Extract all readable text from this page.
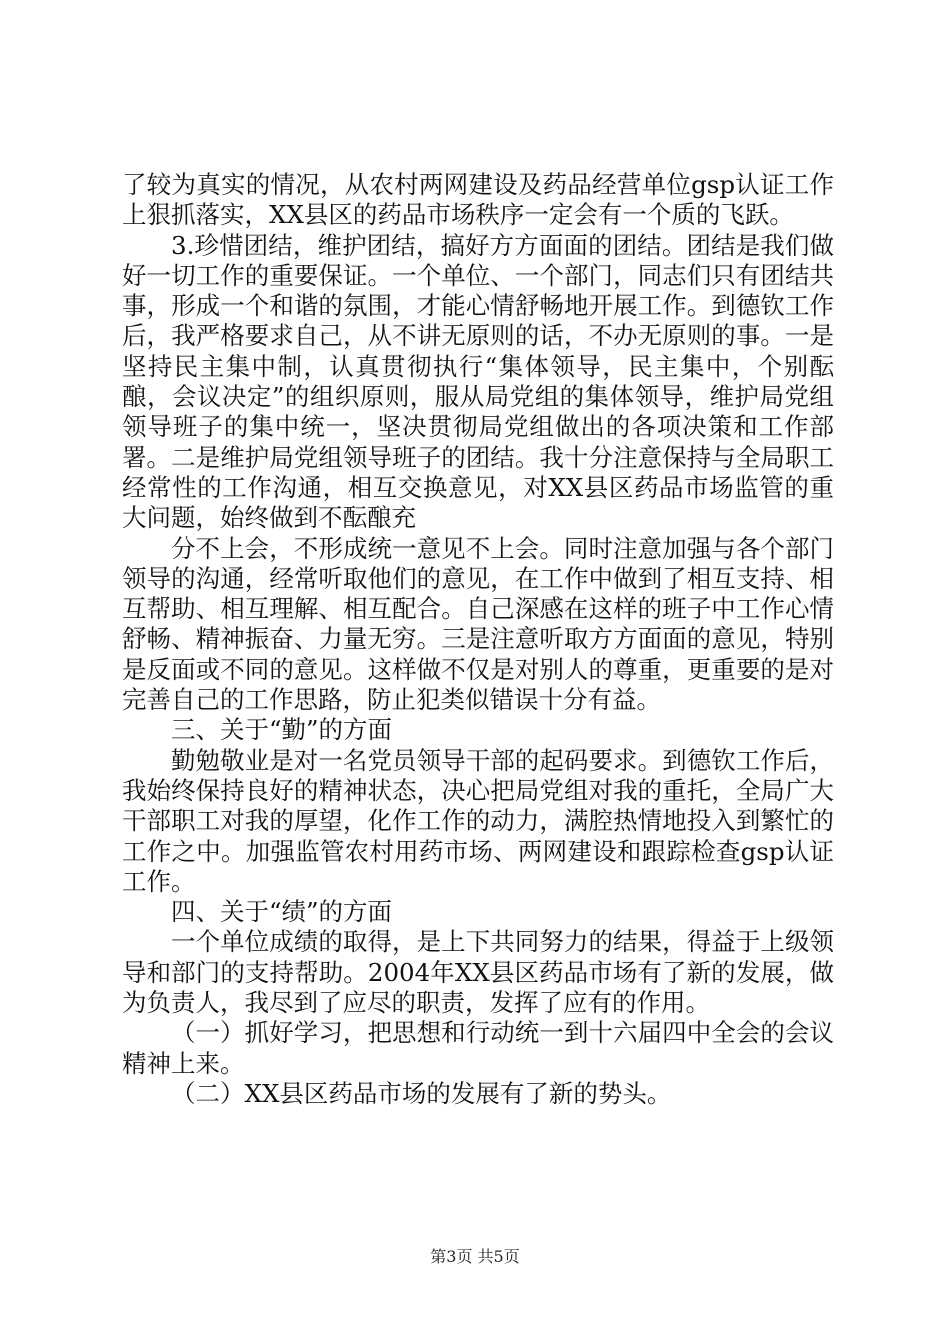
了较为真实的情况，从农村两网建设及药品经营单位gsp认证工作上狠抓落实，XX县区的药品市场秩序一定会有一个质的飞跃。

3.珍惜团结，维护团结，搞好方方面面的团结。团结是我们做好一切工作的重要保证。一个单位、一个部门，同志们只有团结共事，形成一个和谐的氛围，才能心情舒畅地开展工作。到德钦工作后，我严格要求自己，从不讲无原则的话，不办无原则的事。一是坚持民主集中制，认真贯彻执行“集体领导，民主集中，个别酝酿，会议决定”的组织原则，服从局党组的集体领导，维护局党组领导班子的集中统一，坚决贯彻局党组做出的各项决策和工作部署。二是维护局党组领导班子的团结。我十分注意保持与全局职工经常性的工作沟通，相互交换意见，对XX县区药品市场监管的重大问题，始终做到不酝酿充

分不上会，不形成统一意见不上会。同时注意加强与各个部门领导的沟通，经常听取他们的意见，在工作中做到了相互支持、相互帮助、相互理解、相互配合。自己深感在这样的班子中工作心情舒畅、精神振奋、力量无穷。三是注意听取方方面面的意见，特别是反面或不同的意见。这样做不仅是对别人的尊重，更重要的是对完善自己的工作思路，防止犯类似错误十分有益。

三、关于“勤”的方面

勤勉敬业是对一名党员领导干部的起码要求。到德钦工作后，我始终保持良好的精神状态，决心把局党组对我的重托，全局广大干部职工对我的厚望，化作工作的动力，满腔热情地投入到繁忙的工作之中。加强监管农村用药市场、两网建设和跟踪检查gsp认证工作。

四、关于“绩”的方面

一个单位成绩的取得，是上下共同努力的结果，得益于上级领导和部门的支持帮助。2004年XX县区药品市场有了新的发展，做为负责人，我尽到了应尽的职责，发挥了应有的作用。

（一）抓好学习，把思想和行动统一到十六届四中全会的会议精神上来。

（二）XX县区药品市场的发展有了新的势头。

第3页 共5页
